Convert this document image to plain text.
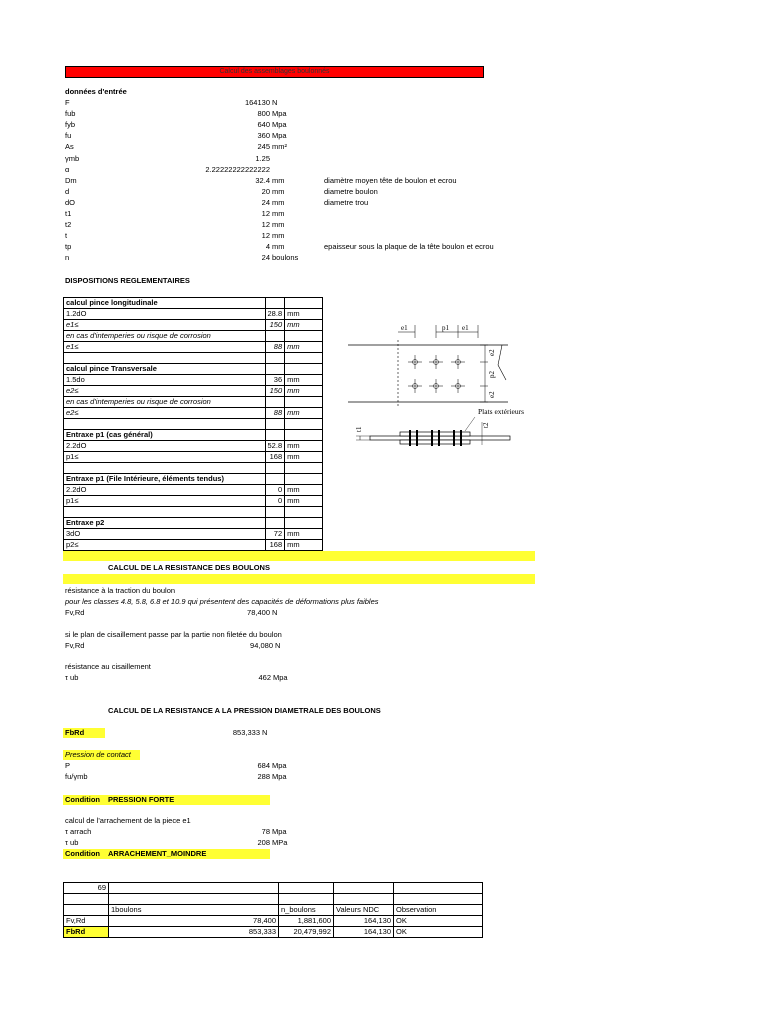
Calcul des assemblages boulonnés
données d'entrée
F	164130 N
fub	800 Mpa
fyb	640 Mpa
fu	360 Mpa
As	245 mm²
γmb	1.25
α	2.22222222222222
Dm	32.4 mm	diamètre moyen tête de boulon et ecrou
d	20 mm	diametre boulon
dO	24 mm	diametre trou
t1	12 mm
t2	12 mm
t	12 mm
tp	4 mm	epaisseur sous la plaque de la tête boulon et ecrou
n	24 boulons
DISPOSITIONS REGLEMENTAIRES
calcul pince longitudinale		
1.2dO	28.8	mm
e1≤	150	mm
en cas d'intemperies ou risque de corrosion		
e1≤	88	mm

calcul pince Transversale		
1.5do	36	mm
e2≤	150	mm
en cas d'intemperies ou risque de corrosion		
e2≤	88	mm

Entraxe p1 (cas général)		
2.2dO	52.8	mm
p1≤	168	mm

Entraxe p1 (File Intérieure, éléments tendus)		
2.2dO	0	mm
p1≤	0	mm

Entraxe p2		
3dO	72	mm
p2≤	168	mm
e1	p1 e1
e2
p2
e2
t1
t2
Plats extérieurs
CALCUL DE LA RESISTANCE DES BOULONS
résistance à la traction du boulon
pour les classes 4.8, 5.8, 6.8 et 10.9 qui présentent des capacités de déformations plus faibles
Fv,Rd	78,400 N
si le plan de cisaillement passe par la partie non filetée du boulon
Fv,Rd	94,080 N
résistance au cisaillement
τ ub	462 Mpa
CALCUL DE LA RESISTANCE A LA PRESSION DIAMETRALE DES BOULONS
FbRd	853,333 N
Pression de contact
P	684 Mpa
fu/γmb	288 Mpa
Condition PRESSION FORTE
calcul de l'arrachement de la piece e1
τ arrach	78 Mpa
τ ub	208 MPa
Condition ARRACHEMENT_MOINDRE
69				

	1boulons	n_boulons	Valeurs NDC	Observation
Fv,Rd	78,400	1,881,600	164,130	OK
FbRd	853,333	20,479,992	164,130	OK
